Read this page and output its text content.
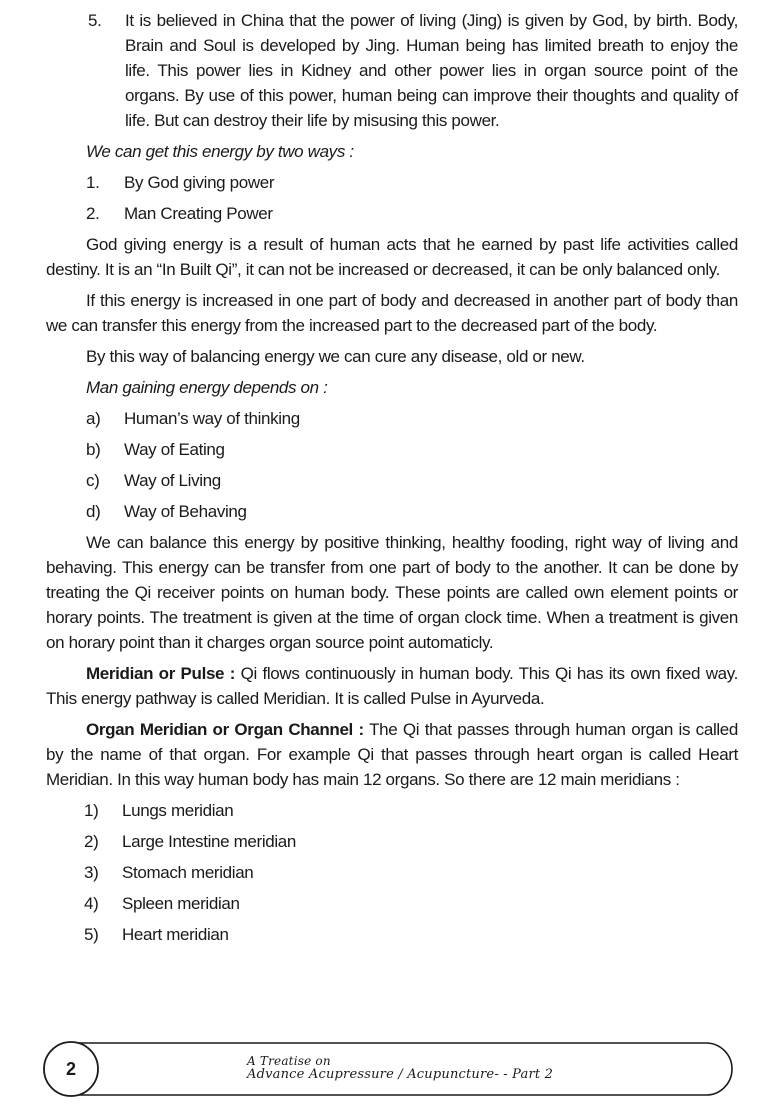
5.	It is believed in China that the power of living (Jing) is given by God, by birth. Body, Brain and Soul is developed by Jing. Human being has limited breath to enjoy the life. This power lies in Kidney and other power lies in organ source point of the organs. By use of this power, human being can improve their thoughts and quality of life. But can destroy their life by misusing this power.
We can get this energy by two ways :
1.	By God giving power
2.	Man Creating Power
God giving energy is a result of human acts that he earned by past life activities called destiny. It is an “In Built Qi”, it can not be increased or decreased, it can be only balanced only.
If this energy is increased in one part of body and decreased in another part of body than we can transfer this energy from the increased part to the decreased part of the body.
By this way of balancing energy we can cure any disease, old or new.
Man gaining energy depends on :
a)	Human’s way of thinking
b)	Way of Eating
c)	Way of Living
d)	Way of Behaving
We can balance this energy by positive thinking, healthy fooding, right way of living and behaving. This energy can be transfer from one part of body to the another. It can be done by treating the Qi receiver points on human body. These points are called own element points or horary points. The treatment is given at the time of organ clock time. When a treatment is given on horary point than it charges organ source point automaticly.
Meridian or Pulse : Qi flows continuously in human body. This Qi has its own fixed way. This energy pathway is called Meridian. It is called Pulse in Ayurveda.
Organ Meridian or Organ Channel : The Qi that passes through human organ is called by the name of that organ. For example Qi that passes through heart organ is called Heart Meridian. In this way human body has main 12 organs. So there are 12 main meridians :
1)	Lungs meridian
2)	Large Intestine meridian
3)	Stomach meridian
4)	Spleen meridian
5)	Heart meridian
2	A Treatise on
Advance Acupressure / Acupuncture- - Part 2
